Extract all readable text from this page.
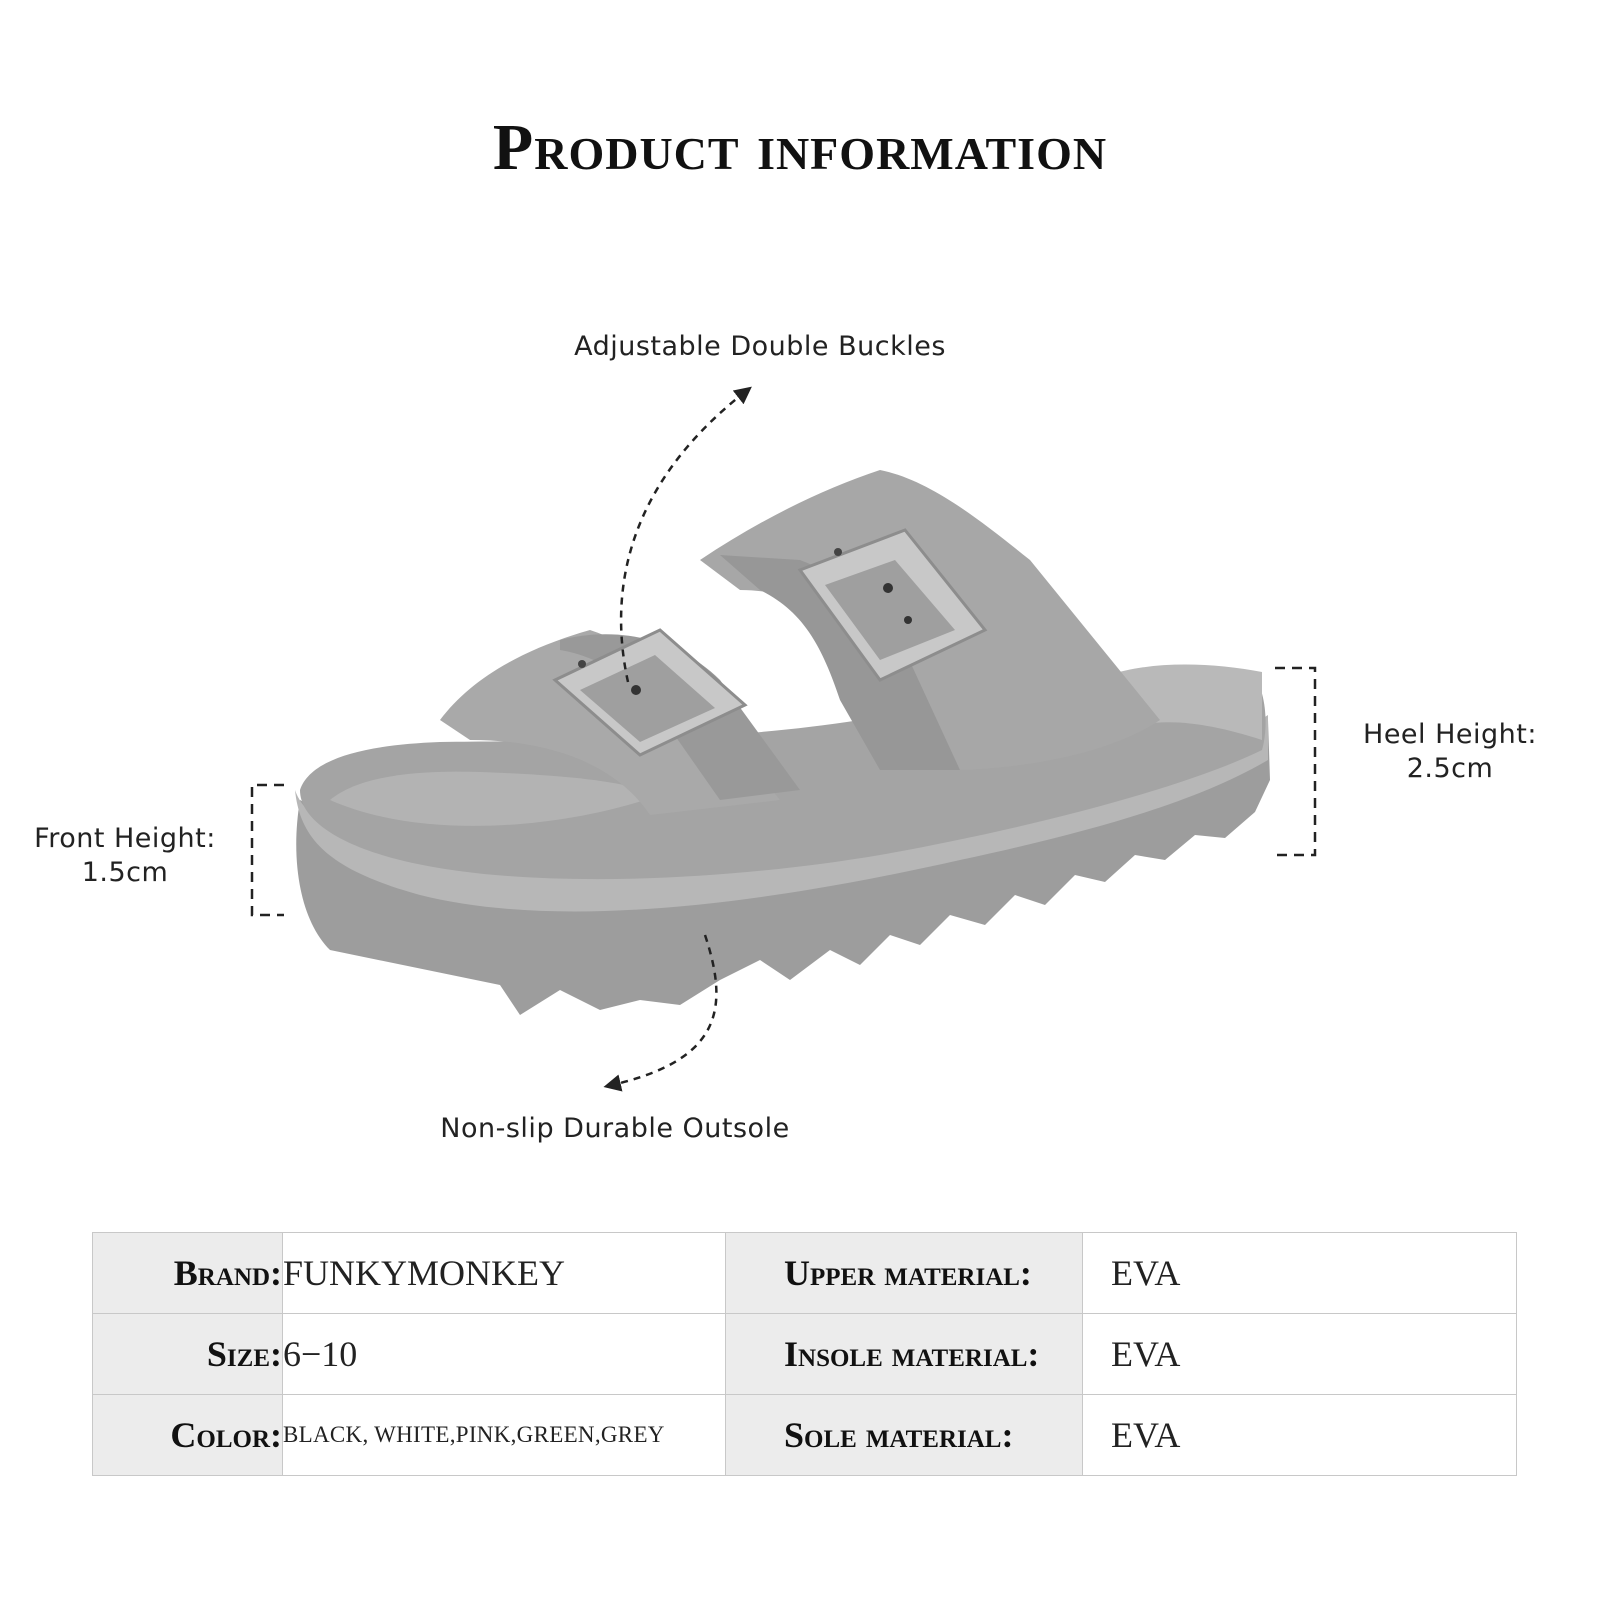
Product information
Adjustable Double Buckles
Non-slip Durable Outsole
Front Height:
1.5cm
Heel Height:
2.5cm
Brand:	FUNKYMONKEY	Upper material:	EVA
Size:	6−10	Insole material:	EVA
Color:	BLACK, WHITE,PINK,GREEN,GREY	Sole material:	EVA
